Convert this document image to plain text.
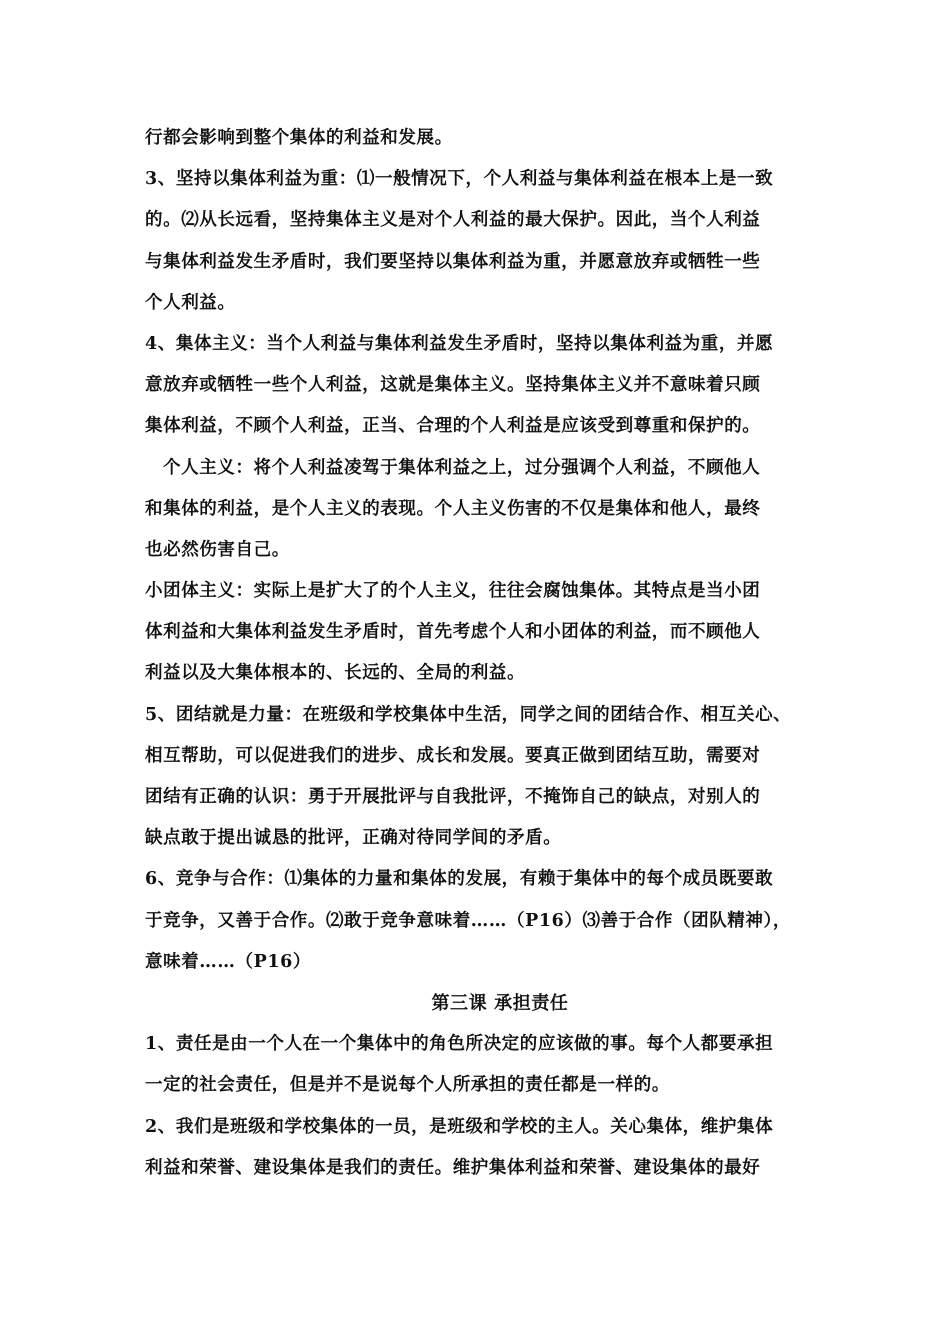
行都会影响到整个集体的利益和发展。
3、坚持以集体利益为重：⑴一般情况下，个人利益与集体利益在根本上是一致
的。⑵从长远看，坚持集体主义是对个人利益的最大保护。因此，当个人利益
与集体利益发生矛盾时，我们要坚持以集体利益为重，并愿意放弃或牺牲一些
个人利益。
4、集体主义：当个人利益与集体利益发生矛盾时，坚持以集体利益为重，并愿
意放弃或牺牲一些个人利益，这就是集体主义。坚持集体主义并不意味着只顾
集体利益，不顾个人利益，正当、合理的个人利益是应该受到尊重和保护的。
个人主义：将个人利益凌驾于集体利益之上，过分强调个人利益，不顾他人
和集体的利益，是个人主义的表现。个人主义伤害的不仅是集体和他人，最终
也必然伤害自己。
小团体主义：实际上是扩大了的个人主义，往往会腐蚀集体。其特点是当小团
体利益和大集体利益发生矛盾时，首先考虑个人和小团体的利益，而不顾他人
利益以及大集体根本的、长远的、全局的利益。
5、团结就是力量：在班级和学校集体中生活，同学之间的团结合作、相互关心、
相互帮助，可以促进我们的进步、成长和发展。要真正做到团结互助，需要对
团结有正确的认识：勇于开展批评与自我批评，不掩饰自己的缺点，对别人的
缺点敢于提出诚恳的批评，正确对待同学间的矛盾。
6、竞争与合作：⑴集体的力量和集体的发展，有赖于集体中的每个成员既要敢
于竞争，又善于合作。⑵敢于竞争意味着……（P16）⑶善于合作（团队精神），
意味着……（P16）
第三课 承担责任
1、责任是由一个人在一个集体中的角色所决定的应该做的事。每个人都要承担
一定的社会责任，但是并不是说每个人所承担的责任都是一样的。
2、我们是班级和学校集体的一员，是班级和学校的主人。关心集体，维护集体
利益和荣誉、建设集体是我们的责任。维护集体利益和荣誉、建设集体的最好
